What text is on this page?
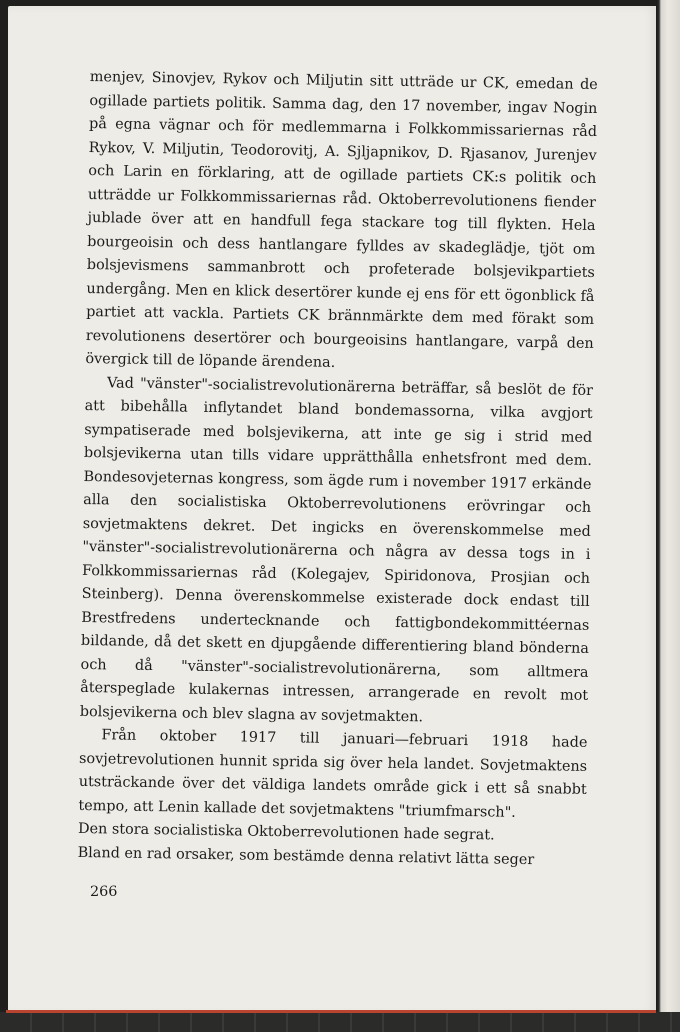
menjev, Sinovjev, Rykov och Miljutin sitt utträde ur CK, emedan de ogillade partiets politik. Samma dag, den 17 november, ingav Nogin på egna vägnar och för medlemmarna i Folkkommissariernas råd Rykov, V. Miljutin, Teodorovitj, A. Sjljapnikov, D. Rjasanov, Jurenjev och Larin en förklaring, att de ogillade partiets CK:s politik och utträdde ur Folkkommissariernas råd. Oktoberrevolutionens fiender jublade över att en handfull fega stackare tog till flykten. Hela bourgeoisin och dess hantlangare fylldes av skadeglädje, tjöt om bolsjevismens sammanbrott och profeterade bolsjevikpartiets undergång. Men en klick desertörer kunde ej ens för ett ögonblick få partiet att vackla. Partiets CK brännmärkte dem med förakt som revolutionens desertörer och bourgeoisins hantlangare, varpå den övergick till de löpande ärendena.

Vad "vänster"-socialistrevolutionärerna beträffar, så beslöt de för att bibehålla inflytandet bland bondemassorna, vilka avgjort sympatiserade med bolsjevikerna, att inte ge sig i strid med bolsjevikerna utan tills vidare upprätthålla enhetsfront med dem. Bondesovjeternas kongress, som ägde rum i november 1917 erkände alla den socialistiska Oktoberrevolutionens erövringar och sovjetmaktens dekret. Det ingicks en överenskommelse med "vänster"-socialistrevolutionärerna och några av dessa togs in i Folkkommissariernas råd (Kolegajev, Spiridonova, Prosjian och Steinberg). Denna överenskommelse existerade dock endast till Brestfredens undertecknande och fattigbondekommittéernas bildande, då det skett en djupgående differentiering bland bönderna och då "vänster"-socialistrevolutionärerna, som alltmera återspeglade kulakernas intressen, arrangerade en revolt mot bolsjevikerna och blev slagna av sovjetmakten.

Från oktober 1917 till januari—februari 1918 hade sovjetrevolutionen hunnit sprida sig över hela landet. Sovjetmaktens utsträckande över det väldiga landets område gick i ett så snabbt tempo, att Lenin kallade det sovjetmaktens "triumfmarsch".

Den stora socialistiska Oktoberrevolutionen hade segrat.

Bland en rad orsaker, som bestämde denna relativt lätta seger

266
